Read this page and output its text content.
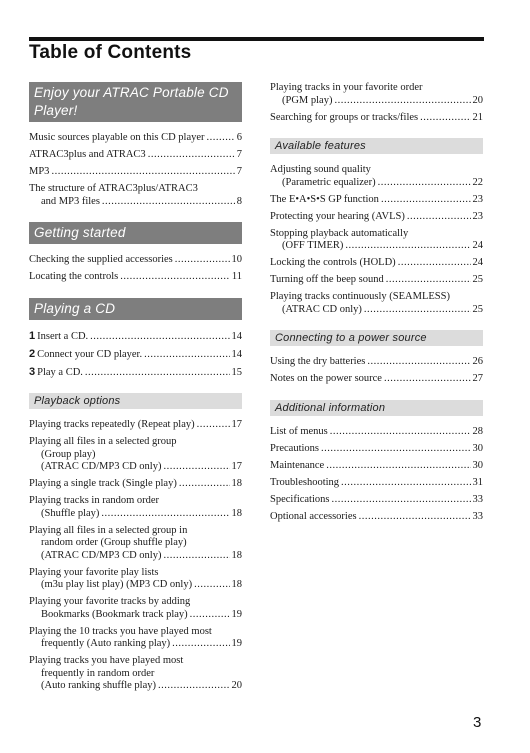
Table of Contents
Enjoy your ATRAC Portable CD Player!
Music sources playable on this CD player .....	6
ATRAC3plus and ATRAC3 .....	7
MP3 .....	7
The structure of ATRAC3plus/ATRAC3
and MP3 files .....	8
Getting started
Checking the supplied accessories .....	10
Locating the controls .....	11
Playing a CD
1 Insert a CD. .....	14
2 Connect your CD player. .....	14
3 Play a CD. .....	15
Playback options
Playing tracks repeatedly (Repeat play) .....	17
Playing all files in a selected group
(Group play)
(ATRAC CD/MP3 CD only) .....	17
Playing a single track (Single play) .....	18
Playing tracks in random order
(Shuffle play) .....	18
Playing all files in a selected group in
random order (Group shuffle play)
(ATRAC CD/MP3 CD only) .....	18
Playing your favorite play lists
(m3u play list play) (MP3 CD only) .....	18
Playing your favorite tracks by adding
Bookmarks (Bookmark track play) .....	19
Playing the 10 tracks you have played most
frequently (Auto ranking play) .....	19
Playing tracks you have played most
frequently in random order
(Auto ranking shuffle play) .....	20
Playing tracks in your favorite order
(PGM play) .....	20
Searching for groups or tracks/files .....	21
Available features
Adjusting sound quality
(Parametric equalizer) .....	22
The E•A•S•S GP function .....	23
Protecting your hearing (AVLS) .....	23
Stopping playback automatically
(OFF TIMER) .....	24
Locking the controls (HOLD) .....	24
Turning off the beep sound .....	25
Playing tracks continuously (SEAMLESS)
(ATRAC CD only) .....	25
Connecting to a power source
Using the dry batteries .....	26
Notes on the power source .....	27
Additional information
List of menus .....	28
Precautions .....	30
Maintenance .....	30
Troubleshooting .....	31
Specifications .....	33
Optional accessories .....	33
3
